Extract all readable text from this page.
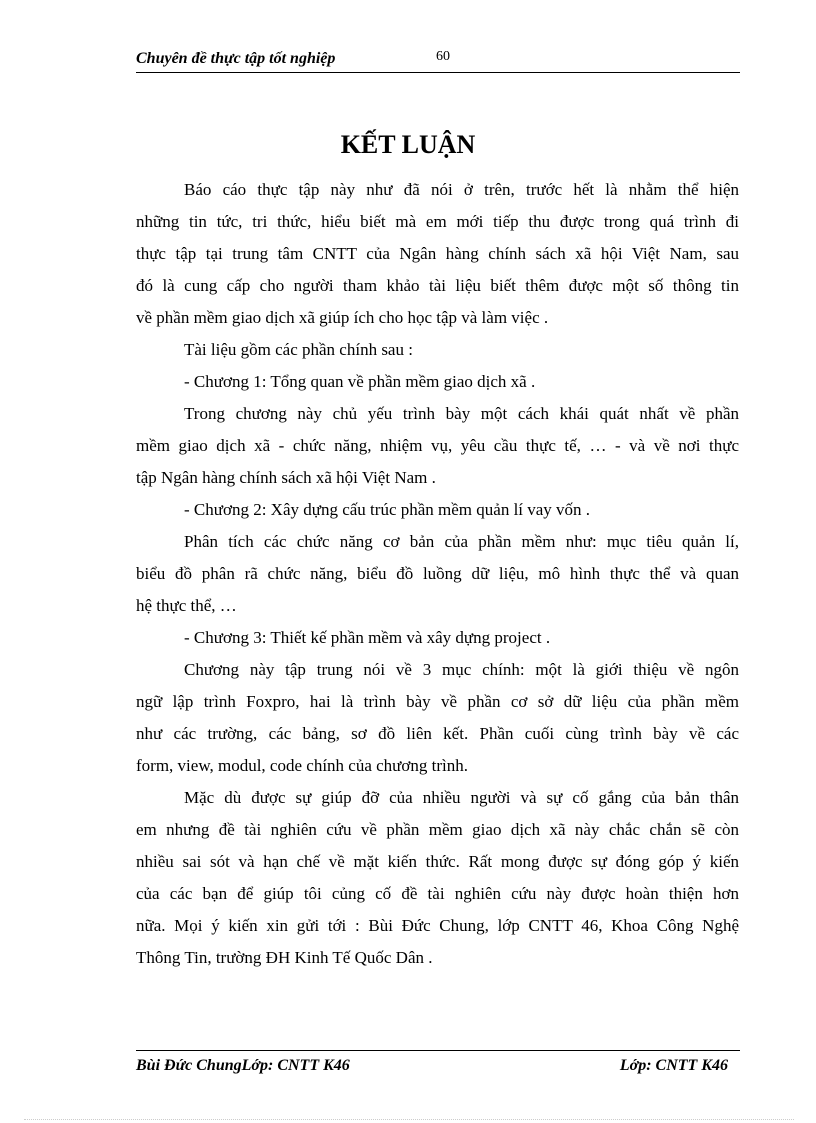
Chuyên đề thực tập tốt nghiệp	60
KẾT LUẬN
Báo cáo thực tập này như đã nói ở trên, trước hết là nhằm thể hiện
những tin tức, tri thức, hiểu biết mà em mới tiếp thu được trong quá trình đi
thực tập tại trung tâm CNTT của Ngân hàng chính sách xã hội Việt Nam, sau
đó là cung cấp cho người tham khảo tài liệu biết thêm được một số thông tin
về phần mềm giao dịch xã giúp ích cho học tập và làm việc .
Tài liệu gồm các phần chính sau :
- Chương 1: Tổng quan về phần mềm giao dịch xã .
Trong chương này chủ yếu trình bày một cách khái quát nhất về phần
mềm giao dịch xã - chức năng, nhiệm vụ, yêu cầu thực tế, … - và về nơi thực
tập Ngân hàng chính sách xã hội Việt Nam .
- Chương 2: Xây dựng cấu trúc phần mềm quản lí vay vốn .
Phân tích các chức năng cơ bản của phần mềm như: mục tiêu quản lí,
biểu đồ phân rã chức năng, biểu đồ luồng dữ liệu, mô hình thực thể và quan
hệ thực thể, …
- Chương 3: Thiết kế phần mềm và xây dựng project .
Chương này tập trung nói về 3 mục chính: một là giới thiệu về ngôn
ngữ lập trình Foxpro, hai là trình bày về phần cơ sở dữ liệu của phần mềm
như các trường, các bảng, sơ đồ liên kết. Phần cuối cùng trình bày về các
form, view, modul, code chính của chương trình.
Mặc dù được sự giúp đỡ của nhiều người và sự cố gắng của bản thân
em nhưng đề tài nghiên cứu về phần mềm giao dịch xã này chắc chắn sẽ còn
nhiều sai sót và hạn chế về mặt kiến thức. Rất mong được sự đóng góp ý kiến
của các bạn để giúp tôi củng cố đề tài nghiên cứu này được hoàn thiện hơn
nữa. Mọi ý kiến xin gửi tới : Bùi Đức Chung, lớp CNTT 46, Khoa Công Nghệ
Thông Tin, trường ĐH Kinh Tế Quốc Dân .
Bùi Đức ChungLớp: CNTT K46	Lớp: CNTT K46
